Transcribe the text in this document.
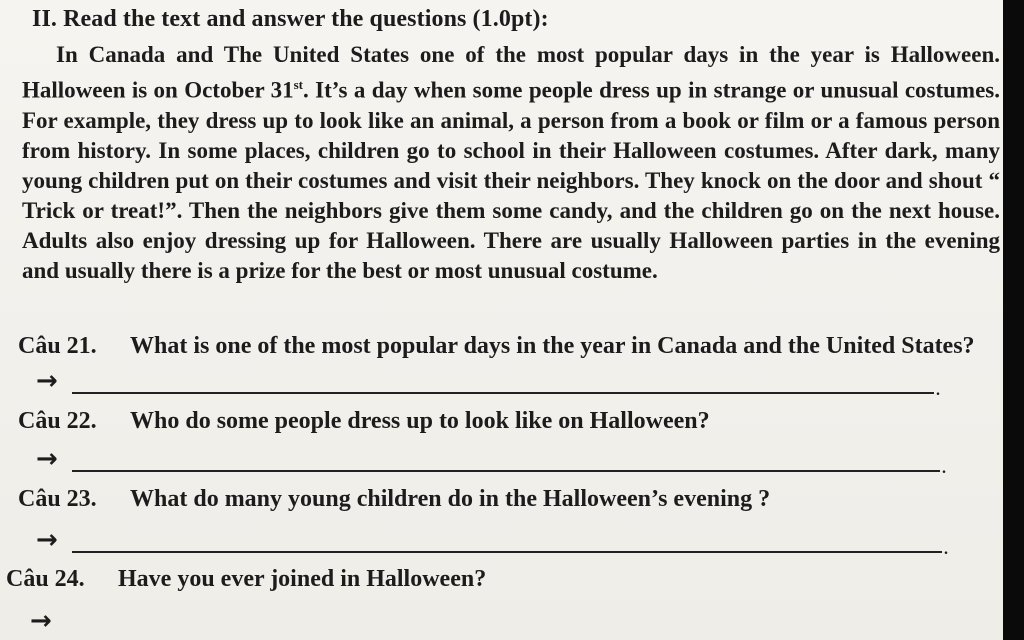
II. Read the text and answer the questions (1.0pt):

In Canada and The United States one of the most popular days in the year is Halloween. Halloween is on October 31st. It’s a day when some people dress up in strange or unusual costumes. For example, they dress up to look like an animal, a person from a book or film or a famous person from history. In some places, children go to school in their Halloween costumes. After dark, many young children put on their costumes and visit their neighbors. They knock on the door and shout “ Trick or treat!”. Then the neighbors give them some candy, and the children go on the next house. Adults also enjoy dressing up for Halloween. There are usually Halloween parties in the evening and usually there is a prize for the best or most unusual costume.

Câu 21. What is one of the most popular days in the year in Canada and the United States?
→	.
Câu 22. Who do some people dress up to look like on Halloween?
→	.
Câu 23. What do many young children do in the Halloween’s evening ?
→	.
Câu 24. Have you ever joined in Halloween?
→
